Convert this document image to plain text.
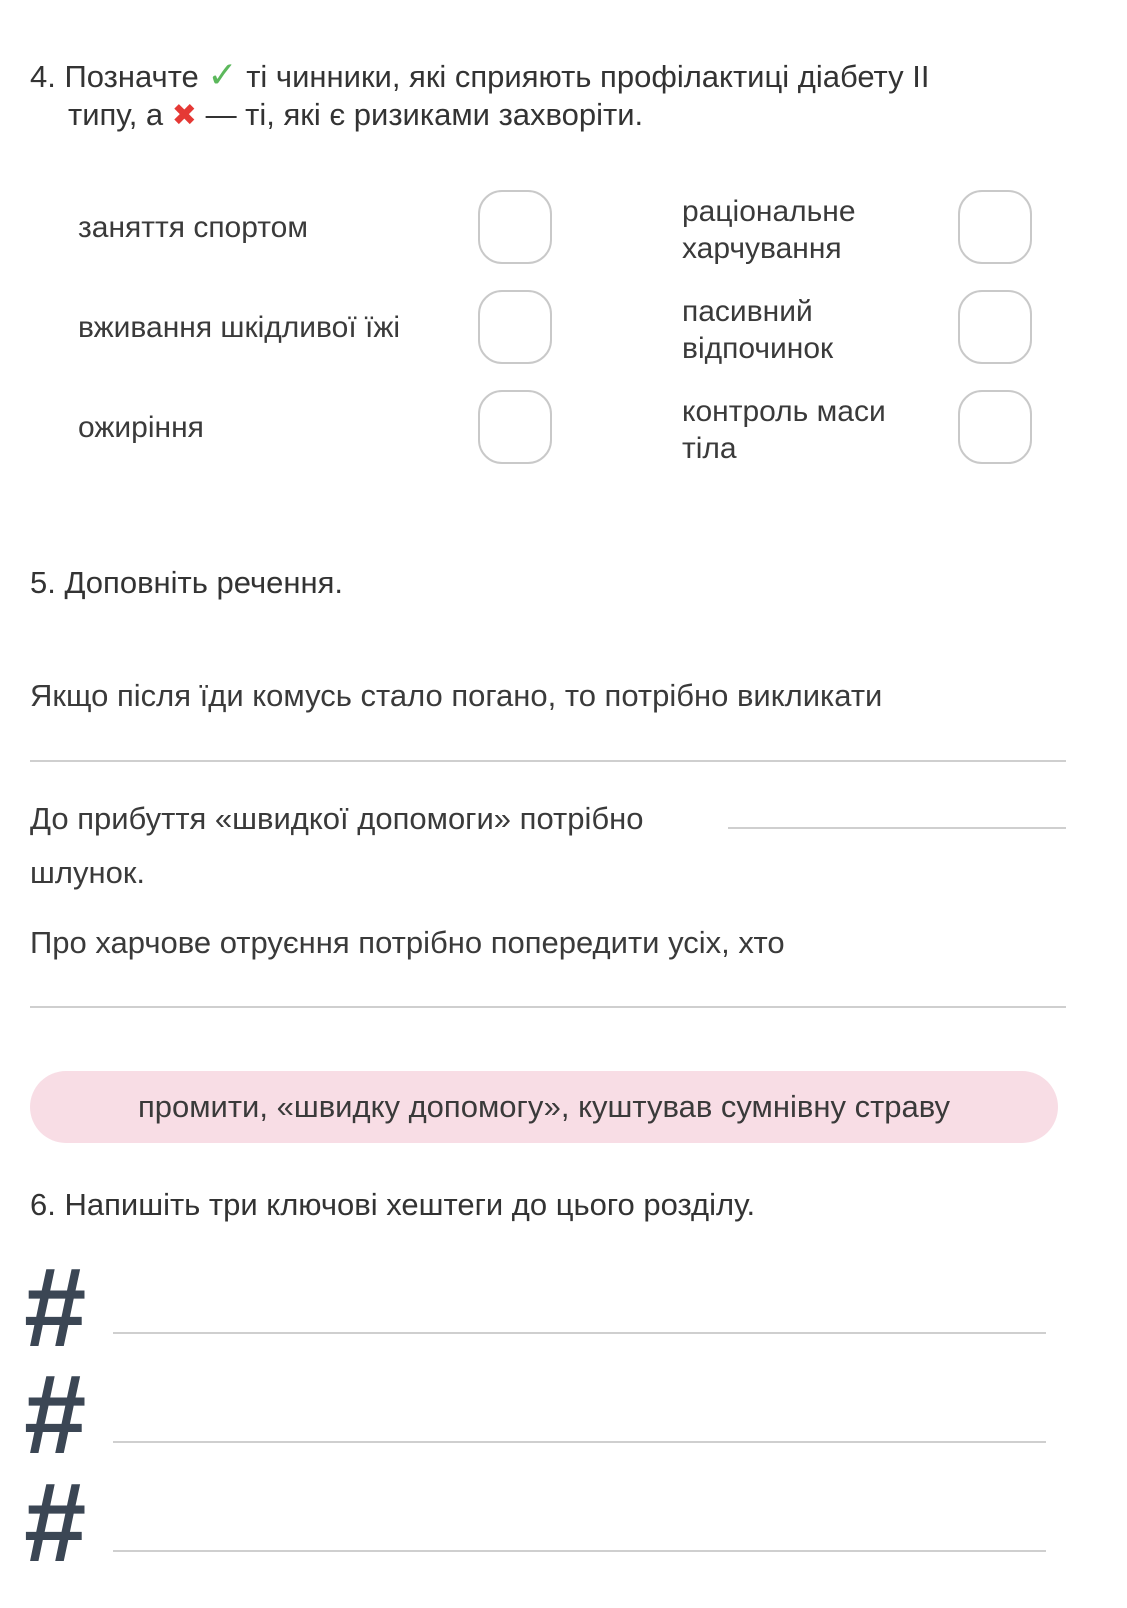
4. Позначте ✓ ті чинники, які сприяють профілактиці діабету II
типу, а ✖ — ті, які є ризиками захворіти.
заняття спортом
вживання шкідливої їжі
ожиріння
раціональне
харчування
пасивний
відпочинок
контроль маси
тіла
5. Доповніть речення.
Якщо після їди комусь стало погано, то потрібно викликати
До прибуття «швидкої допомоги» потрібно
шлунок.
Про харчове отруєння потрібно попередити усіх, хто
промити, «швидку допомогу», куштував сумнівну страву
6. Напишіть три ключові хештеги до цього розділу.
#
#
#
